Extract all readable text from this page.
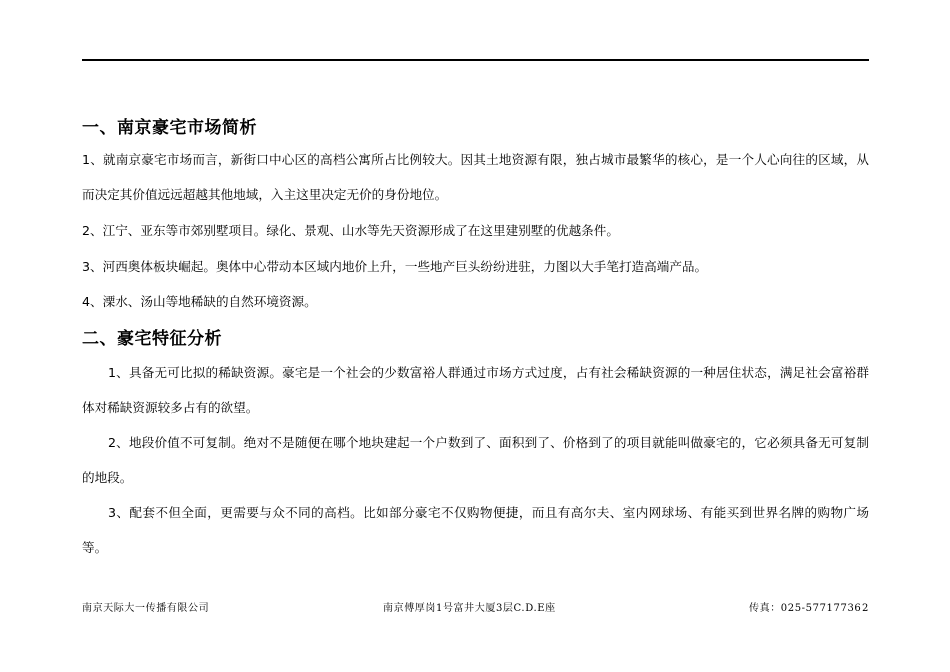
一、南京豪宅市场简析
1、就南京豪宅市场而言，新街口中心区的高档公寓所占比例较大。因其土地资源有限，独占城市最繁华的核心，是一个人心向往的区域，从而决定其价值远远超越其他地域，入主这里决定无价的身份地位。
2、江宁、亚东等市郊别墅项目。绿化、景观、山水等先天资源形成了在这里建别墅的优越条件。
3、河西奥体板块崛起。奥体中心带动本区域内地价上升，一些地产巨头纷纷进驻，力图以大手笔打造高端产品。
4、溧水、汤山等地稀缺的自然环境资源。
二、豪宅特征分析
1、具备无可比拟的稀缺资源。豪宅是一个社会的少数富裕人群通过市场方式过度，占有社会稀缺资源的一种居住状态，满足社会富裕群体对稀缺资源较多占有的欲望。
2、地段价值不可复制。绝对不是随便在哪个地块建起一个户数到了、面积到了、价格到了的项目就能叫做豪宅的，它必须具备无可复制的地段。
3、配套不但全面，更需要与众不同的高档。比如部分豪宅不仅购物便捷，而且有高尔夫、室内网球场、有能买到世界名牌的购物广场等。
南京天际大一传播有限公司	南京傅厚岗1号富井大厦3层C.D.E座	传真：025-57717736 2
